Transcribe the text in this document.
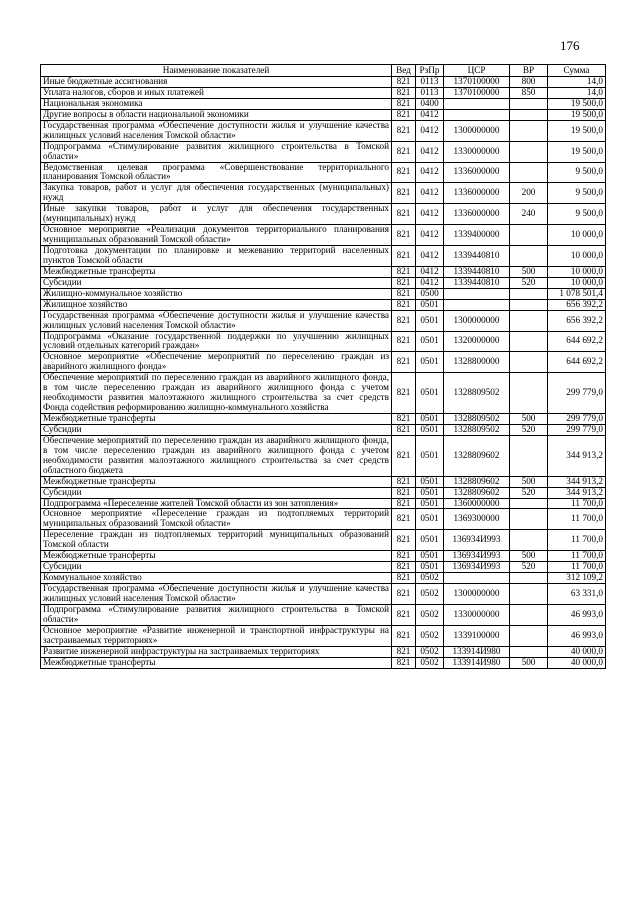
176
Наименование показателей	Вед	РзПр	ЦСР	ВР	Сумма
Иные бюджетные ассигнования	821	0113	1370100000	800	14,0
Уплата налогов, сборов и иных платежей	821	0113	1370100000	850	14,0
Национальная экономика	821	0400			19 500,0
Другие вопросы в области национальной экономики	821	0412			19 500,0
Государственная программа «Обеспечение доступности жилья и улучшение качества жилищных условий населения Томской области»	821	0412	1300000000		19 500,0
Подпрограмма «Стимулирование развития жилищного строительства в Томской области»	821	0412	1330000000		19 500,0
Ведомственная целевая программа «Совершенствование территориального планирования Томской области»	821	0412	1336000000		9 500,0
Закупка товаров, работ и услуг для обеспечения государственных (муниципальных) нужд	821	0412	1336000000	200	9 500,0
Иные закупки товаров, работ и услуг для обеспечения государственных (муниципальных) нужд	821	0412	1336000000	240	9 500,0
Основное мероприятие «Реализация документов территориального планирования муниципальных образований Томской области»	821	0412	1339400000		10 000,0
Подготовка документации по планировке и межеванию территорий населенных пунктов Томской области	821	0412	1339440810		10 000,0
Межбюджетные трансферты	821	0412	1339440810	500	10 000,0
Субсидии	821	0412	1339440810	520	10 000,0
Жилищно-коммунальное хозяйство	821	0500			1 078 501,4
Жилищное хозяйство	821	0501			656 392,2
Государственная программа «Обеспечение доступности жилья и улучшение качества жилищных условий населения Томской области»	821	0501	1300000000		656 392,2
Подпрограмма «Оказание государственной поддержки по улучшению жилищных условий отдельных категорий граждан»	821	0501	1320000000		644 692,2
Основное мероприятие «Обеспечение мероприятий по переселению граждан из аварийного жилищного фонда»	821	0501	1328800000		644 692,2
Обеспечение мероприятий по переселению граждан из аварийного жилищного фонда, в том числе переселению граждан из аварийного жилищного фонда с учетом необходимости развития малоэтажного жилищного строительства за счет средств Фонда содействия реформированию жилищно-коммунального хозяйства	821	0501	1328809502		299 779,0
Межбюджетные трансферты	821	0501	1328809502	500	299 779,0
Субсидии	821	0501	1328809502	520	299 779,0
Обеспечение мероприятий по переселению граждан из аварийного жилищного фонда, в том числе переселению граждан из аварийного жилищного фонда с учетом необходимости развития малоэтажного жилищного строительства за счет средств областного бюджета	821	0501	1328809602		344 913,2
Межбюджетные трансферты	821	0501	1328809602	500	344 913,2
Субсидии	821	0501	1328809602	520	344 913,2
Подпрограмма «Переселение жителей Томской области из зон затопления»	821	0501	1360000000		11 700,0
Основное мероприятие «Переселение граждан из подтопляемых территорий муниципальных образований Томской области»	821	0501	1369300000		11 700,0
Переселение граждан из подтопляемых территорий муниципальных образований Томской области	821	0501	136934И993		11 700,0
Межбюджетные трансферты	821	0501	136934И993	500	11 700,0
Субсидии	821	0501	136934И993	520	11 700,0
Коммунальное хозяйство	821	0502			312 109,2
Государственная программа «Обеспечение доступности жилья и улучшение качества жилищных условий населения Томской области»	821	0502	1300000000		63 331,0
Подпрограмма «Стимулирование развития жилищного строительства в Томской области»	821	0502	1330000000		46 993,0
Основное мероприятие «Развитие инженерной и транспортной инфраструктуры на застраиваемых территориях»	821	0502	1339100000		46 993,0
Развитие инженерной инфраструктуры на застраиваемых территориях	821	0502	133914И980		40 000,0
Межбюджетные трансферты	821	0502	133914И980	500	40 000,0
